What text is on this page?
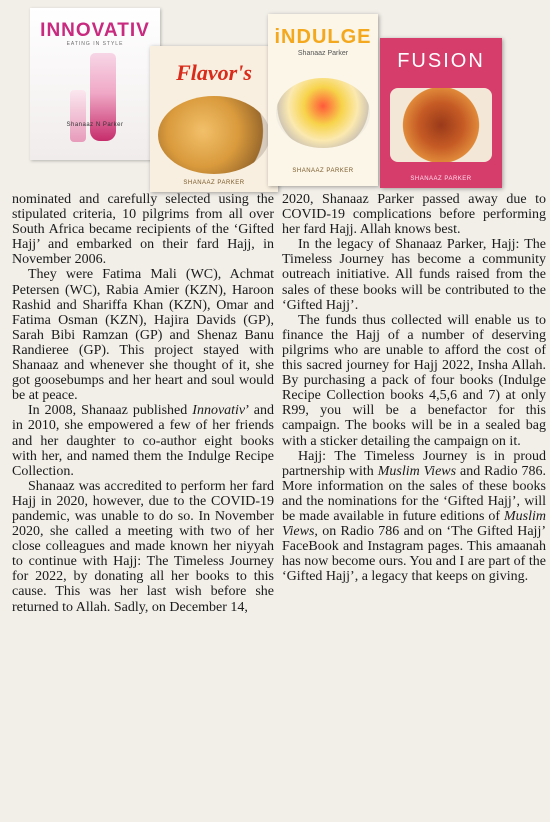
INNOVATIV
EATING IN STYLE
Shanaaz N Parker
Flavor's
SHANAAZ PARKER
iNDULGE
Shanaaz Parker
SHANAAZ PARKER
FUSION
SHANAAZ PARKER

nominated and carefully selected using the stipulated criteria, 10 pilgrims from all over South Africa became recipients of the ‘Gifted Hajj’ and embarked on their fard Hajj, in November 2006.

They were Fatima Mali (WC), Achmat Petersen (WC), Rabia Amier (KZN), Haroon Rashid and Shariffa Khan (KZN), Omar and Fatima Osman (KZN), Hajira Davids (GP), Sarah Bibi Ramzan (GP) and Shenaz Banu Randieree (GP). This project stayed with Shanaaz and whenever she thought of it, she got goosebumps and her heart and soul would be at peace.

In 2008, Shanaaz published Innovativ’ and in 2010, she empowered a few of her friends and her daughter to co-author eight books with her, and named them the Indulge Recipe Collection.

Shanaaz was accredited to perform her fard Hajj in 2020, however, due to the COVID-19 pandemic, was unable to do so. In November 2020, she called a meeting with two of her close colleagues and made known her niyyah to continue with Hajj: The Timeless Journey for 2022, by donating all her books to this cause. This was her last wish before she returned to Allah. Sadly, on December 14,

2020, Shanaaz Parker passed away due to COVID-19 complications before performing her fard Hajj. Allah knows best.

In the legacy of Shanaaz Parker, Hajj: The Timeless Journey has become a community outreach initiative. All funds raised from the sales of these books will be contributed to the ‘Gifted Hajj’.

The funds thus collected will enable us to finance the Hajj of a number of deserving pilgrims who are unable to afford the cost of this sacred journey for Hajj 2022, Insha Allah. By purchasing a pack of four books (Indulge Recipe Collection books 4,5,6 and 7) at only R99, you will be a benefactor for this campaign. The books will be in a sealed bag with a sticker detailing the campaign on it.

Hajj: The Timeless Journey is in proud partnership with Muslim Views and Radio 786. More information on the sales of these books and the nominations for the ‘Gifted Hajj’, will be made available in future editions of Muslim Views, on Radio 786 and on ‘The Gifted Hajj’ FaceBook and Instagram pages. This amaanah has now become ours. You and I are part of the ‘Gifted Hajj’, a legacy that keeps on giving.
